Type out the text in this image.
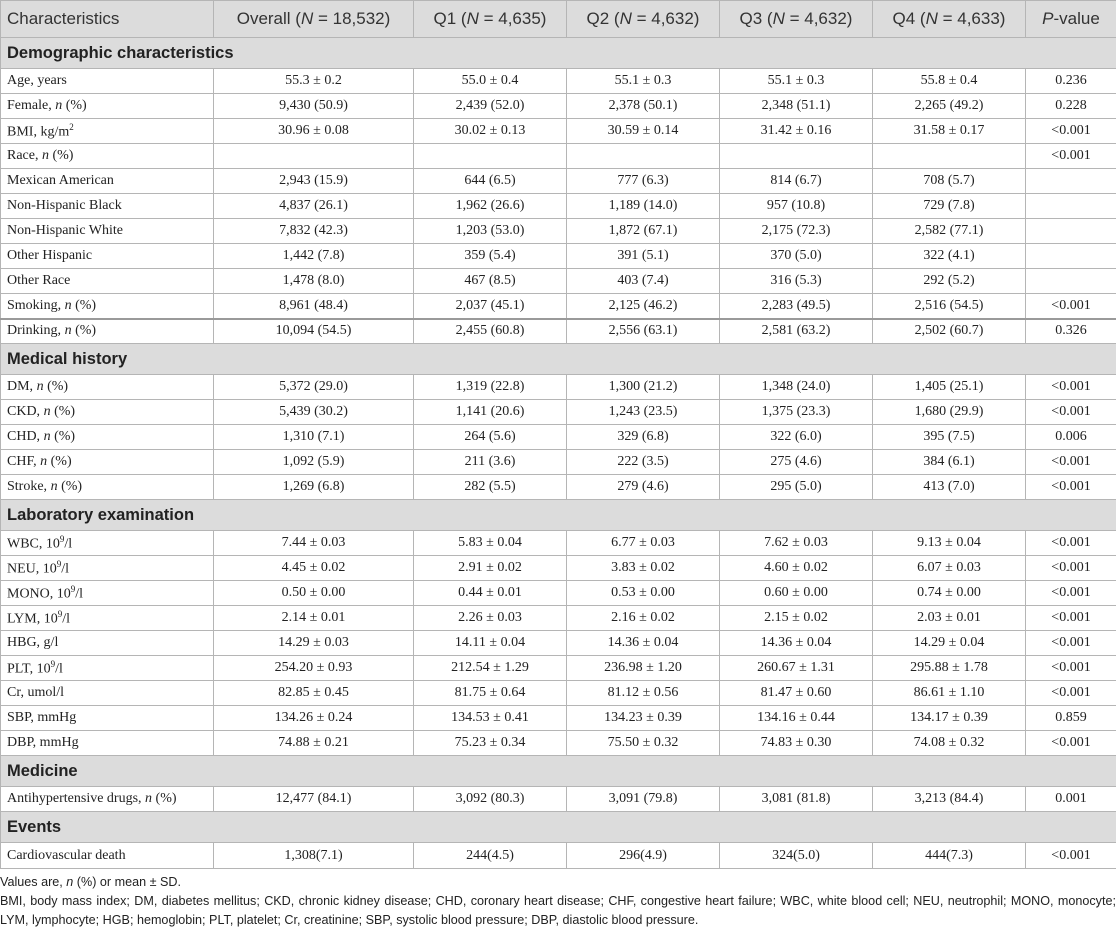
Characteristics	Overall (N = 18,532)	Q1 (N = 4,635)	Q2 (N = 4,632)	Q3 (N = 4,632)	Q4 (N = 4,633)	P-value
Demographic characteristics						
Age, years	55.3 ± 0.2	55.0 ± 0.4	55.1 ± 0.3	55.1 ± 0.3	55.8 ± 0.4	0.236
Female, n (%)	9,430 (50.9)	2,439 (52.0)	2,378 (50.1)	2,348 (51.1)	2,265 (49.2)	0.228
BMI, $kg/m^2$	30.96 ± 0.08	30.02 ± 0.13	30.59 ± 0.14	31.42 ± 0.16	31.58 ± 0.17	<0.001
Race, n (%)						<0.001
Mexican American	2,943 (15.9)	644 (6.5)	777 (6.3)	814 (6.7)	708 (5.7)	
Non-Hispanic Black	4,837 (26.1)	1,962 (26.6)	1,189 (14.0)	957 (10.8)	729 (7.8)	
Non-Hispanic White	7,832 (42.3)	1,203 (53.0)	1,872 (67.1)	2,175 (72.3)	2,582 (77.1)	
Other Hispanic	1,442 (7.8)	359 (5.4)	391 (5.1)	370 (5.0)	322 (4.1)	
Other Race	1,478 (8.0)	467 (8.5)	403 (7.4)	316 (5.3)	292 (5.2)	
Smoking, n (%)	8,961 (48.4)	2,037 (45.1)	2,125 (46.2)	2,283 (49.5)	2,516 (54.5)	<0.001
Drinking, n (%)	10,094 (54.5)	2,455 (60.8)	2,556 (63.1)	2,581 (63.2)	2,502 (60.7)	0.326
Medical history						
DM, n (%)	5,372 (29.0)	1,319 (22.8)	1,300 (21.2)	1,348 (24.0)	1,405 (25.1)	<0.001
CKD, n (%)	5,439 (30.2)	1,141 (20.6)	1,243 (23.5)	1,375 (23.3)	1,680 (29.9)	<0.001
CHD, n (%)	1,310 (7.1)	264 (5.6)	329 (6.8)	322 (6.0)	395 (7.5)	0.006
CHF, n (%)	1,092 (5.9)	211 (3.6)	222 (3.5)	275 (4.6)	384 (6.1)	<0.001
Stroke, n (%)	1,269 (6.8)	282 (5.5)	279 (4.6)	295 (5.0)	413 (7.0)	<0.001
Laboratory examination						
WBC, $10^9/l$	7.44 ± 0.03	5.83 ± 0.04	6.77 ± 0.03	7.62 ± 0.03	9.13 ± 0.04	<0.001
NEU, $10^9/l$	4.45 ± 0.02	2.91 ± 0.02	3.83 ± 0.02	4.60 ± 0.02	6.07 ± 0.03	<0.001
MONO, $10^9/l$	0.50 ± 0.00	0.44 ± 0.01	0.53 ± 0.00	0.60 ± 0.00	0.74 ± 0.00	<0.001
LYM, $10^9/l$	2.14 ± 0.01	2.26 ± 0.03	2.16 ± 0.02	2.15 ± 0.02	2.03 ± 0.01	<0.001
HBG, g/l	14.29 ± 0.03	14.11 ± 0.04	14.36 ± 0.04	14.36 ± 0.04	14.29 ± 0.04	<0.001
PLT, $10^9/l$	254.20 ± 0.93	212.54 ± 1.29	236.98 ± 1.20	260.67 ± 1.31	295.88 ± 1.78	<0.001
Cr, umol/l	82.85 ± 0.45	81.75 ± 0.64	81.12 ± 0.56	81.47 ± 0.60	86.61 ± 1.10	<0.001
SBP, mmHg	134.26 ± 0.24	134.53 ± 0.41	134.23 ± 0.39	134.16 ± 0.44	134.17 ± 0.39	0.859
DBP, mmHg	74.88 ± 0.21	75.23 ± 0.34	75.50 ± 0.32	74.83 ± 0.30	74.08 ± 0.32	<0.001
Medicine						
Antihypertensive drugs, n (%)	12,477 (84.1)	3,092 (80.3)	3,091 (79.8)	3,081 (81.8)	3,213 (84.4)	0.001
Events						
Cardiovascular death	1,308(7.1)	244(4.5)	296(4.9)	324(5.0)	444(7.3)	<0.001

Values are, n (%) or mean ± SD.

BMI, body mass index; DM, diabetes mellitus; CKD, chronic kidney disease; CHD, coronary heart disease; CHF, congestive heart failure; WBC, white blood cell; NEU, neutrophil; MONO, monocyte; LYM, lymphocyte; HGB; hemoglobin; PLT, platelet; Cr, creatinine; SBP, systolic blood pressure; DBP, diastolic blood pressure.
